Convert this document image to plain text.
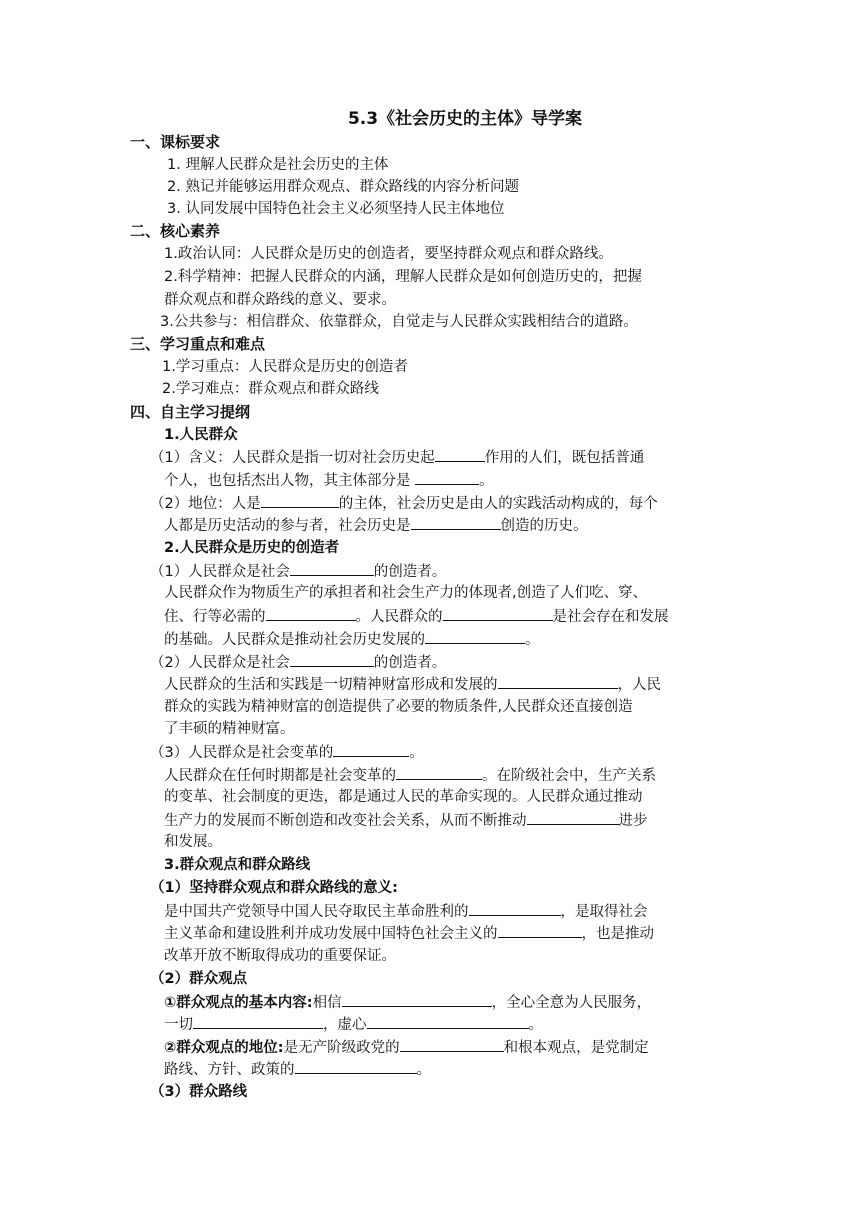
5.3《社会历史的主体》导学案
一、课标要求
1. 理解人民群众是社会历史的主体
2. 熟记并能够运用群众观点、群众路线的内容分析问题
3. 认同发展中国特色社会主义必须坚持人民主体地位
二、核心素养
1.政治认同：人民群众是历史的创造者，要坚持群众观点和群众路线。
2.科学精神：把握人民群众的内涵，理解人民群众是如何创造历史的，把握
群众观点和群众路线的意义、要求。
3.公共参与：相信群众、依靠群众，自觉走与人民群众实践相结合的道路。
三、学习重点和难点
1.学习重点：人民群众是历史的创造者
2.学习难点：群众观点和群众路线
四、自主学习提纲
1.人民群众
（1）含义：人民群众是指一切对社会历史起	作用的人们，既包括普通
个人，也包括杰出人物，其主体部分是	。
（2）地位：人是	的主体，社会历史是由人的实践活动构成的，每个
人都是历史活动的参与者，社会历史是	创造的历史。
2.人民群众是历史的创造者
（1）人民群众是社会	的创造者。
人民群众作为物质生产的承担者和社会生产力的体现者,创造了人们吃、穿、
住、行等必需的	。人民群众的	是社会存在和发展
的基础。人民群众是推动社会历史发展的	。
（2）人民群众是社会	的创造者。
人民群众的生活和实践是一切精神财富形成和发展的	，人民
群众的实践为精神财富的创造提供了必要的物质条件,人民群众还直接创造
了丰硕的精神财富。
（3）人民群众是社会变革的	。
人民群众在任何时期都是社会变革的	。在阶级社会中，生产关系
的变革、社会制度的更迭，都是通过人民的革命实现的。人民群众通过推动
生产力的发展而不断创造和改变社会关系，从而不断推动	进步
和发展。
3.群众观点和群众路线
（1）坚持群众观点和群众路线的意义:
是中国共产党领导中国人民夺取民主革命胜利的	，是取得社会
主义革命和建设胜利并成功发展中国特色社会主义的	，也是推动
改革开放不断取得成功的重要保证。
（2）群众观点
①群众观点的基本内容:相信	，全心全意为人民服务，
一切	，虚心	。
②群众观点的地位:是无产阶级政党的	和根本观点，是党制定
路线、方针、政策的	。
（3）群众路线
